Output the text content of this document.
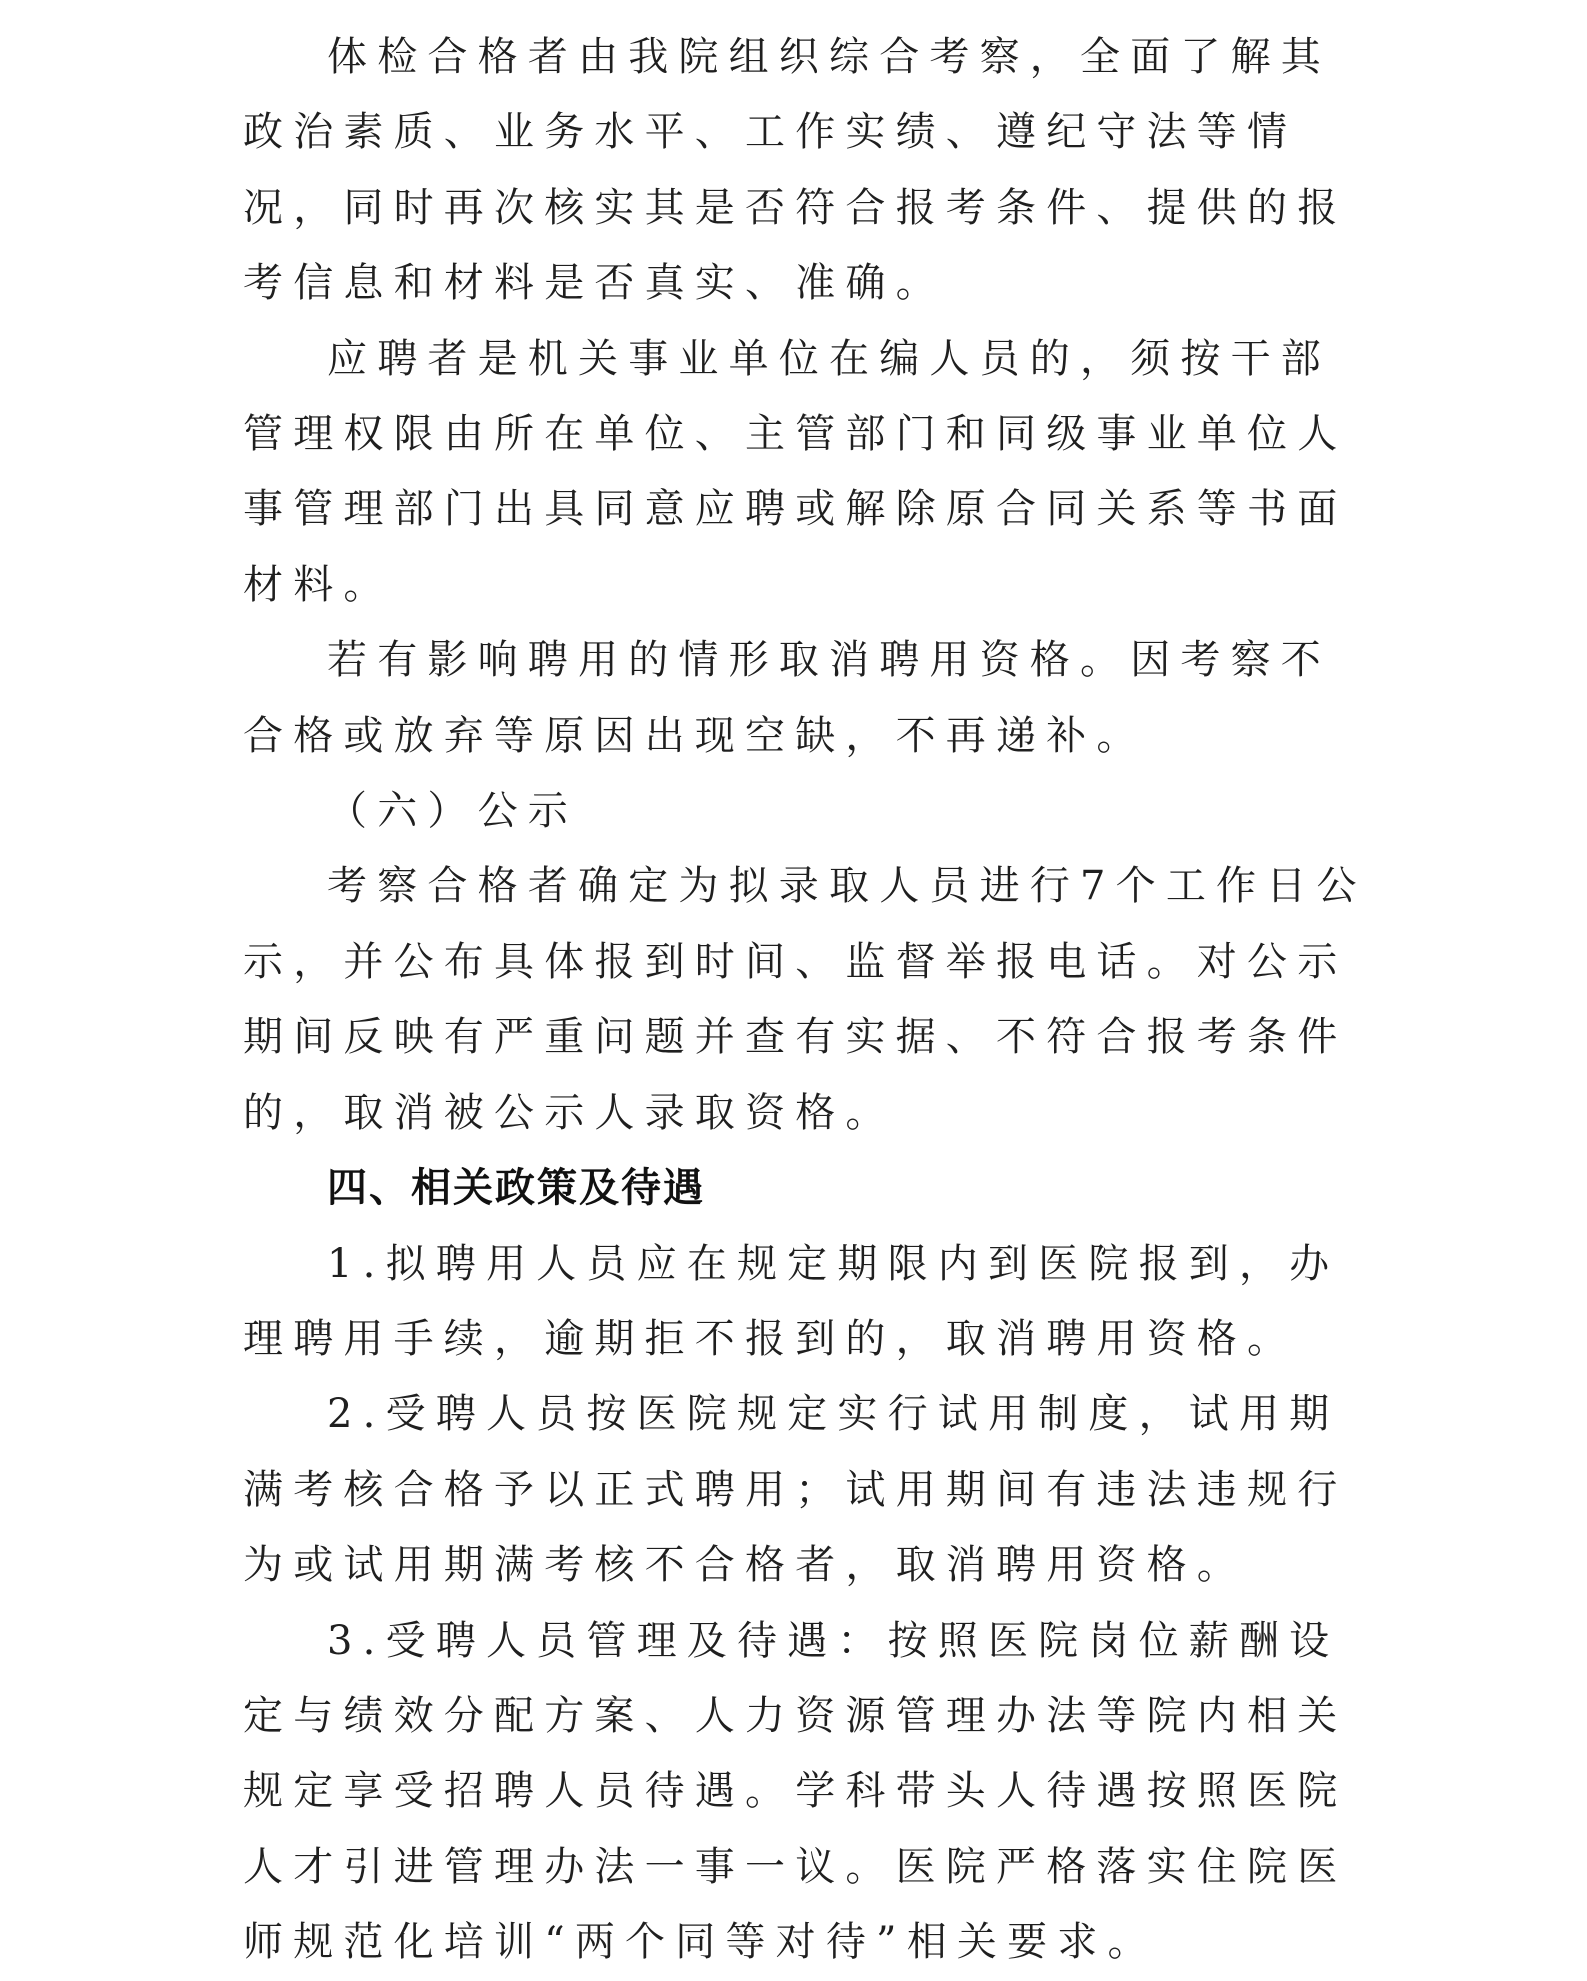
体检合格者由我院组织综合考察，全面了解其政治素质、业务水平、工作实绩、遵纪守法等情况，同时再次核实其是否符合报考条件、提供的报考信息和材料是否真实、准确。

应聘者是机关事业单位在编人员的，须按干部管理权限由所在单位、主管部门和同级事业单位人事管理部门出具同意应聘或解除原合同关系等书面材料。

若有影响聘用的情形取消聘用资格。因考察不合格或放弃等原因出现空缺，不再递补。

（六）公示

考察合格者确定为拟录取人员进行7个工作日公示，并公布具体报到时间、监督举报电话。对公示期间反映有严重问题并查有实据、不符合报考条件的，取消被公示人录取资格。

四、相关政策及待遇

1.拟聘用人员应在规定期限内到医院报到，办理聘用手续，逾期拒不报到的，取消聘用资格。

2.受聘人员按医院规定实行试用制度，试用期满考核合格予以正式聘用；试用期间有违法违规行为或试用期满考核不合格者，取消聘用资格。

3.受聘人员管理及待遇：按照医院岗位薪酬设定与绩效分配方案、人力资源管理办法等院内相关规定享受招聘人员待遇。学科带头人待遇按照医院人才引进管理办法一事一议。医院严格落实住院医师规范化培训“两个同等对待”相关要求。
